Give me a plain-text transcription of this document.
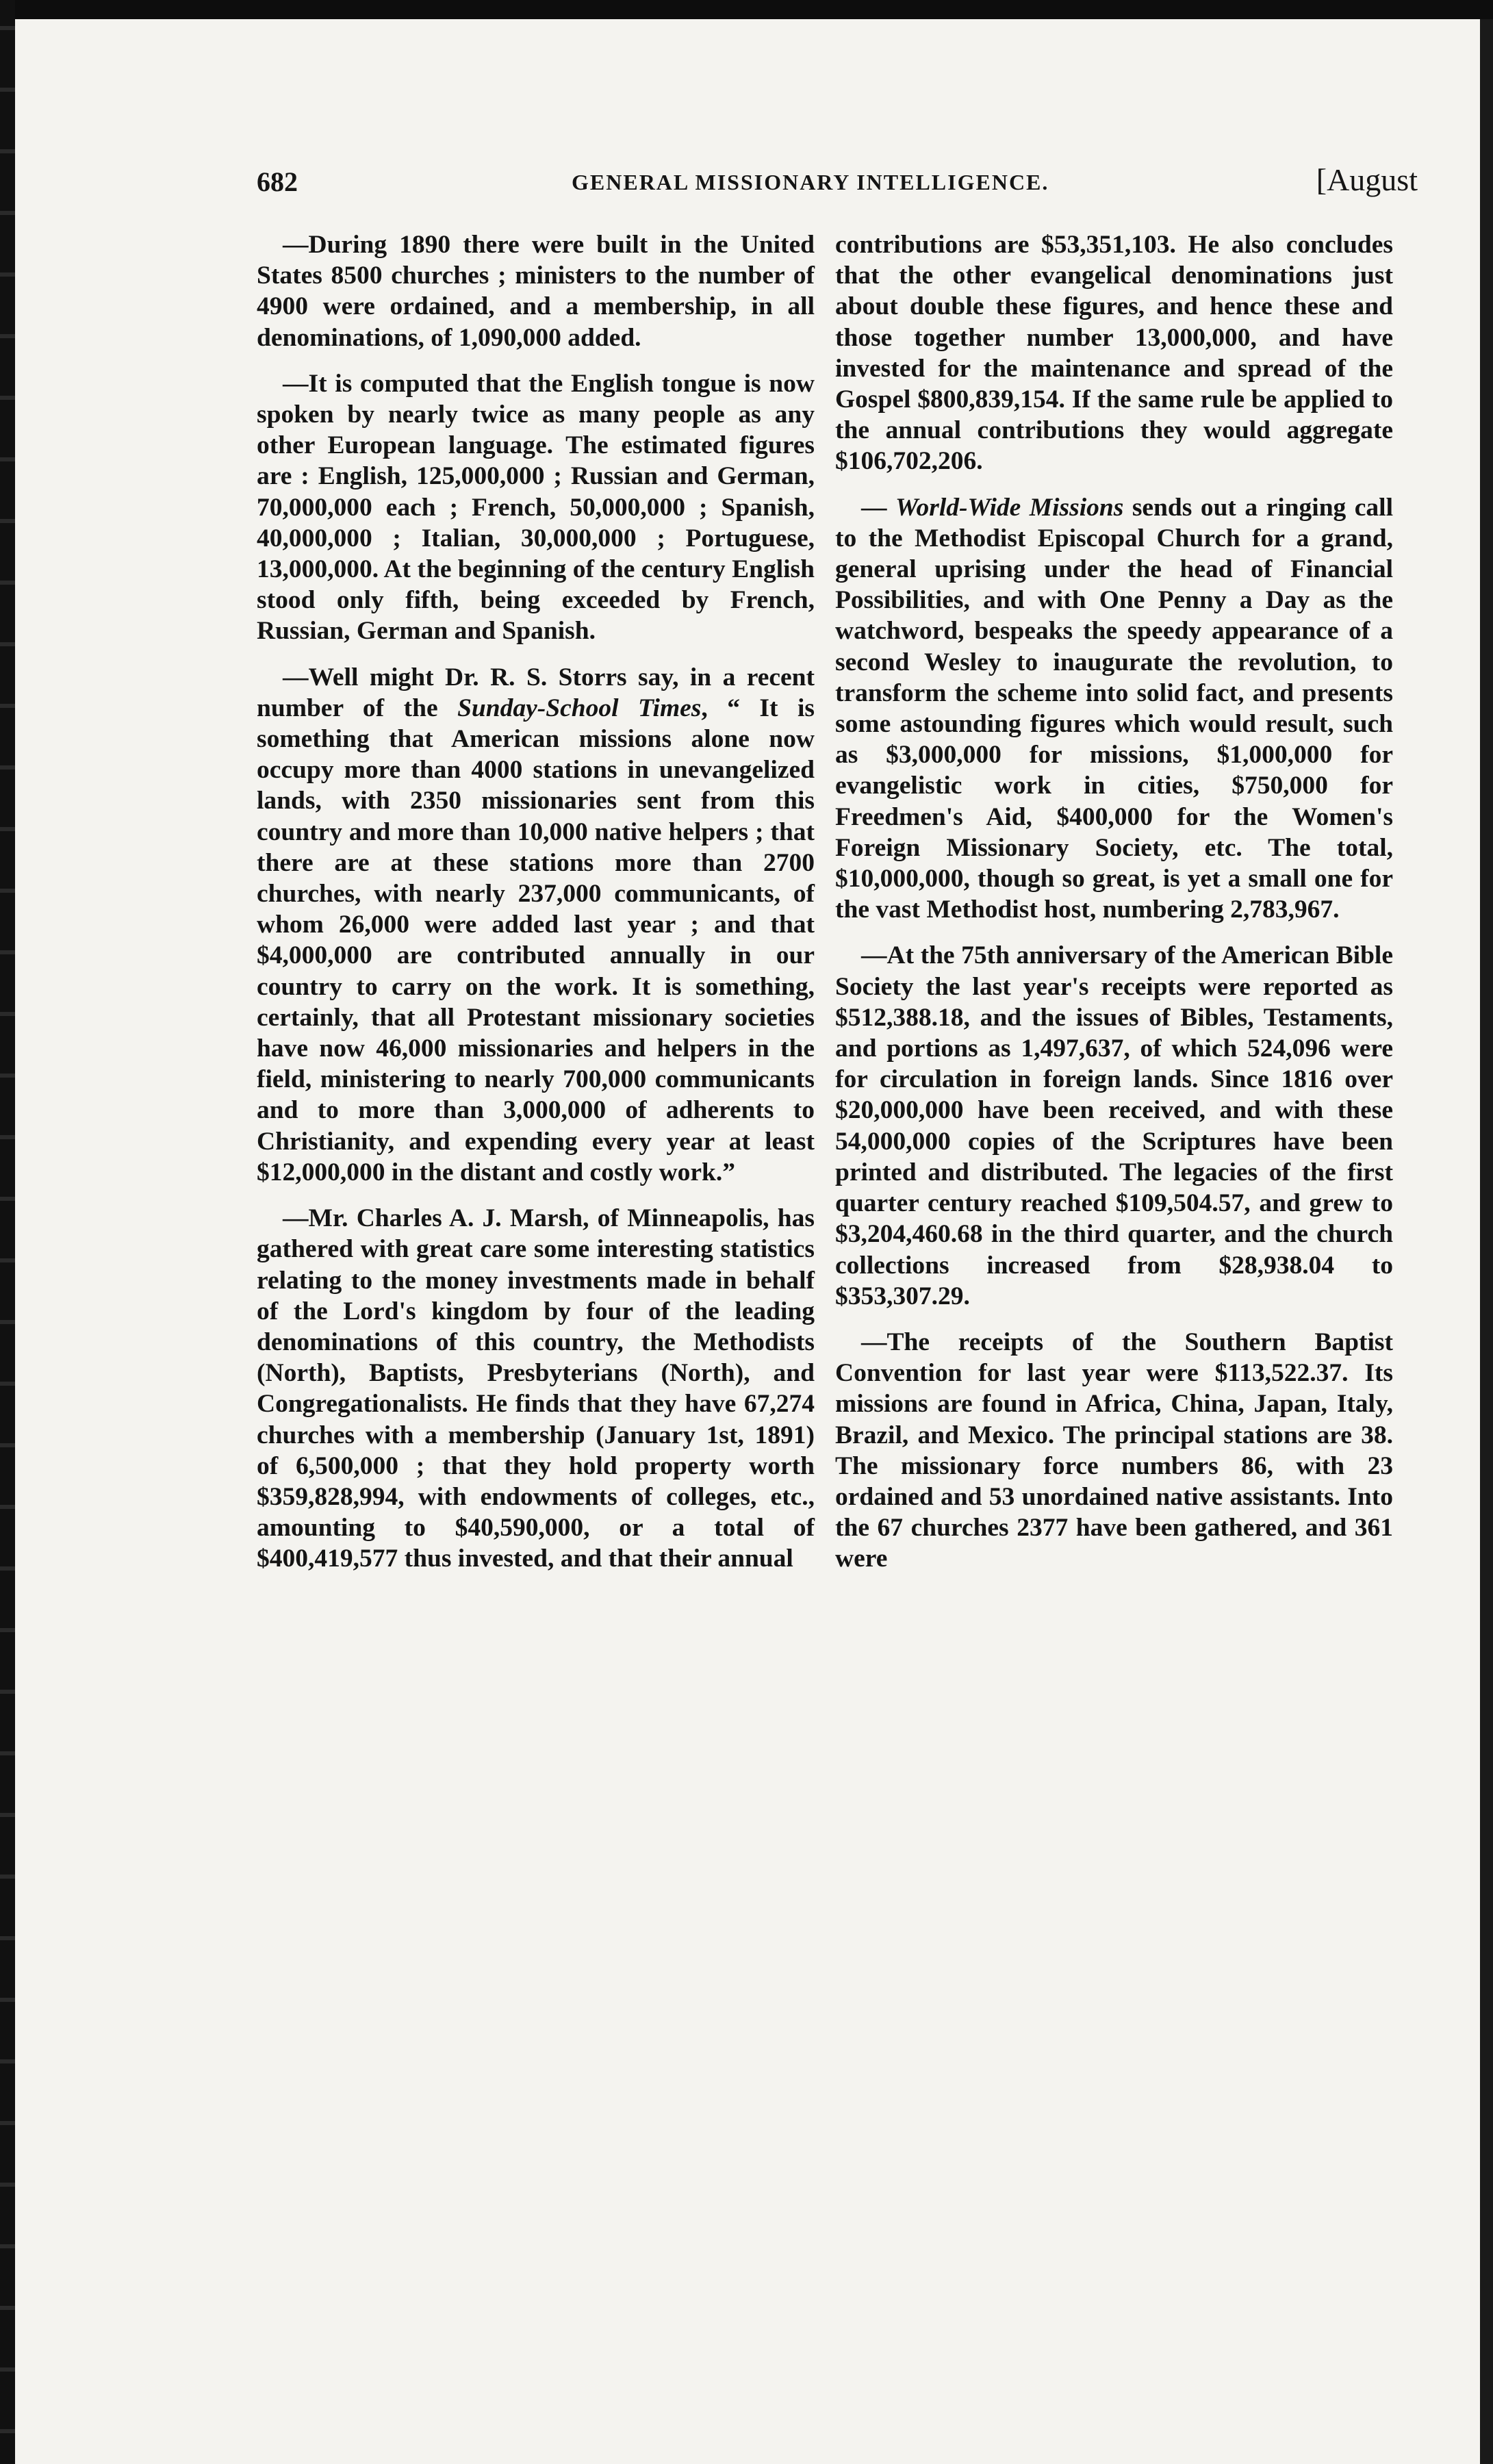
682	GENERAL MISSIONARY INTELLIGENCE.	[August

—During 1890 there were built in the United States 8500 churches ; ministers to the number of 4900 were ordained, and a membership, in all denominations, of 1,090,000 added.

—It is computed that the English tongue is now spoken by nearly twice as many people as any other European language. The estimated figures are : English, 125,000,000 ; Russian and German, 70,000,000 each ; French, 50,000,000 ; Spanish, 40,000,000 ; Italian, 30,000,000 ; Portuguese, 13,000,000. At the beginning of the century English stood only fifth, being exceeded by French, Russian, German and Spanish.

—Well might Dr. R. S. Storrs say, in a recent number of the Sunday-School Times, “ It is something that American missions alone now occupy more than 4000 stations in unevangelized lands, with 2350 missionaries sent from this country and more than 10,000 native helpers ; that there are at these stations more than 2700 churches, with nearly 237,000 communicants, of whom 26,000 were added last year ; and that $4,000,000 are contributed annually in our country to carry on the work. It is something, certainly, that all Protestant missionary societies have now 46,000 missionaries and helpers in the field, ministering to nearly 700,000 communicants and to more than 3,000,000 of adherents to Christianity, and expending every year at least $12,000,000 in the distant and costly work.”

—Mr. Charles A. J. Marsh, of Minneapolis, has gathered with great care some interesting statistics relating to the money investments made in behalf of the Lord's kingdom by four of the leading denominations of this country, the Methodists (North), Baptists, Presbyterians (North), and Congregationalists. He finds that they have 67,274 churches with a membership (January 1st, 1891) of 6,500,000 ; that they hold property worth $359,828,994, with endowments of colleges, etc., amounting to $40,590,000, or a total of $400,419,577 thus invested, and that their annual

contributions are $53,351,103. He also concludes that the other evangelical denominations just about double these figures, and hence these and those together number 13,000,000, and have invested for the maintenance and spread of the Gospel $800,839,154. If the same rule be applied to the annual contributions they would aggregate $106,702,206.

— World-Wide Missions sends out a ringing call to the Methodist Episcopal Church for a grand, general uprising under the head of Financial Possibilities, and with One Penny a Day as the watchword, bespeaks the speedy appearance of a second Wesley to inaugurate the revolution, to transform the scheme into solid fact, and presents some astounding figures which would result, such as $3,000,000 for missions, $1,000,000 for evangelistic work in cities, $750,000 for Freedmen's Aid, $400,000 for the Women's Foreign Missionary Society, etc. The total, $10,000,000, though so great, is yet a small one for the vast Methodist host, numbering 2,783,967.

—At the 75th anniversary of the American Bible Society the last year's receipts were reported as $512,388.18, and the issues of Bibles, Testaments, and portions as 1,497,637, of which 524,096 were for circulation in foreign lands. Since 1816 over $20,000,000 have been received, and with these 54,000,000 copies of the Scriptures have been printed and distributed. The legacies of the first quarter century reached $109,504.57, and grew to $3,204,460.68 in the third quarter, and the church collections increased from $28,938.04 to $353,307.29.

—The receipts of the Southern Baptist Convention for last year were $113,522.37. Its missions are found in Africa, China, Japan, Italy, Brazil, and Mexico. The principal stations are 38. The missionary force numbers 86, with 23 ordained and 53 unordained native assistants. Into the 67 churches 2377 have been gathered, and 361 were
